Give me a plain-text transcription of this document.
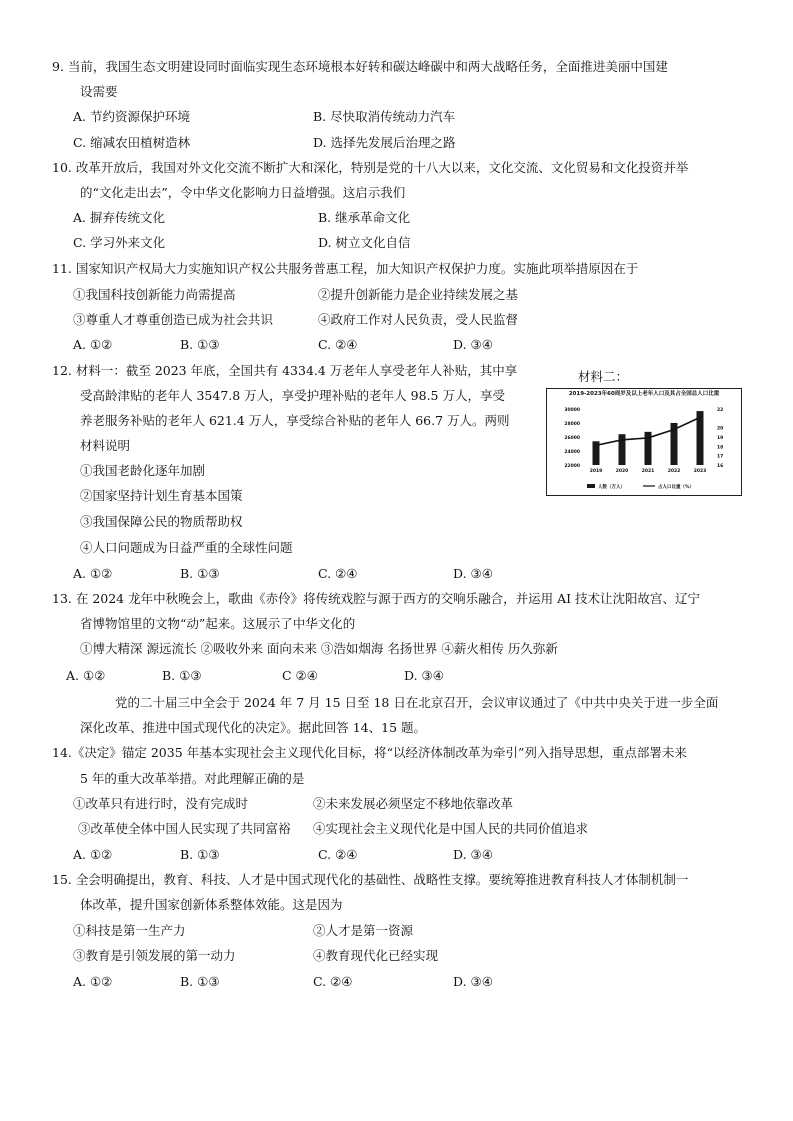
9. 当前，我国生态文明建设同时面临实现生态环境根本好转和碳达峰碳中和两大战略任务，全面推进美丽中国建
设需要
A. 节约资源保护环境	B. 尽快取消传统动力汽车
C. 缩减农田植树造林	D. 选择先发展后治理之路
10. 改革开放后，我国对外文化交流不断扩大和深化，特别是党的十八大以来，文化交流、文化贸易和文化投资并举
的“文化走出去”，令中华文化影响力日益增强。这启示我们
A. 摒弃传统文化	B. 继承革命文化
C. 学习外来文化	D. 树立文化自信
11. 国家知识产权局大力实施知识产权公共服务普惠工程，加大知识产权保护力度。实施此项举措原因在于
①我国科技创新能力尚需提高	②提升创新能力是企业持续发展之基
③尊重人才尊重创造已成为社会共识	④政府工作对人民负责，受人民监督
A. ①②	B. ①③	C. ②④	D. ③④
12. 材料一：截至 2023 年底，全国共有 4334.4 万老年人享受老年人补贴，其中享
受高龄津贴的老年人 3547.8 万人，享受护理补贴的老年人 98.5 万人，享受
养老服务补贴的老年人 621.4 万人，享受综合补贴的老年人 66.7 万人。两则
材料说明
材料二：
2019-2023年60周岁及以上老年人口及其占全国总人口比重
30000
28000
26000
24000
22000
22
20
19
18
17
16
2019	2020	2021	2022	2023
人数（万人）	占人口比重（%）
①我国老龄化逐年加剧
②国家坚持计划生育基本国策
③我国保障公民的物质帮助权
④人口问题成为日益严重的全球性问题
A. ①②	B. ①③	C. ②④	D. ③④
13. 在 2024 龙年中秋晚会上，歌曲《赤伶》将传统戏腔与源于西方的交响乐融合，并运用 AI 技术让沈阳故宫、辽宁
省博物馆里的文物“动”起来。这展示了中华文化的
①博大精深 源远流长 ②吸收外来 面向未来 ③浩如烟海 名扬世界 ④薪火相传 历久弥新
A. ①②	B. ①③	C ②④	D. ③④
党的二十届三中全会于 2024 年 7 月 15 日至 18 日在北京召开，会议审议通过了《中共中央关于进一步全面
深化改革、推进中国式现代化的决定》。据此回答 14、15 题。
14.《决定》锚定 2035 年基本实现社会主义现代化目标，将“以经济体制改革为牵引”列入指导思想，重点部署未来
5 年的重大改革举措。对此理解正确的是
①改革只有进行时，没有完成时	②未来发展必须坚定不移地依靠改革
③改革使全体中国人民实现了共同富裕 ④实现社会主义现代化是中国人民的共同价值追求
A. ①②	B. ①③	C. ②④	D. ③④
15. 全会明确提出，教育、科技、人才是中国式现代化的基础性、战略性支撑。要统筹推进教育科技人才体制机制一
体改革，提升国家创新体系整体效能。这是因为
①科技是第一生产力	②人才是第一资源
③教育是引领发展的第一动力	④教育现代化已经实现
A. ①②	B. ①③	C. ②④	D. ③④
